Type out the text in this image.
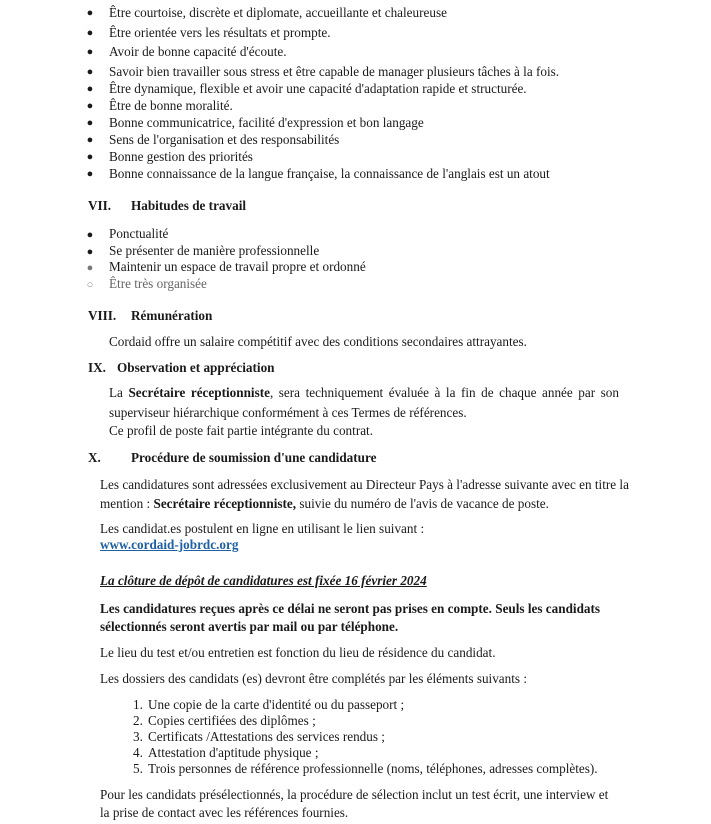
● Être courtoise, discrète et diplomate, accueillante et chaleureuse
● Être orientée vers les résultats et prompte.
● Avoir de bonne capacité d'écoute.
● Savoir bien travailler sous stress et être capable de manager plusieurs tâches à la fois.
● Être dynamique, flexible et avoir une capacité d'adaptation rapide et structurée.
● Être de bonne moralité.
● Bonne communicatrice, facilité d'expression et bon langage
● Sens de l'organisation et des responsabilités
● Bonne gestion des priorités
● Bonne connaissance de la langue française, la connaissance de l'anglais est un atout
VII. Habitudes de travail
● Ponctualité
● Se présenter de manière professionnelle
● Maintenir un espace de travail propre et ordonné
○ Être très organisée
VIII. Rémunération
Cordaid offre un salaire compétitif avec des conditions secondaires attrayantes.
IX. Observation et appréciation
La Secrétaire réceptionniste, sera techniquement évaluée à la fin de chaque année par son superviseur hiérarchique conformément à ces Termes de références.
Ce profil de poste fait partie intégrante du contrat.
X. Procédure de soumission d'une candidature
Les candidatures sont adressées exclusivement au Directeur Pays à l'adresse suivante avec en titre la
mention : Secrétaire réceptionniste, suivie du numéro de l'avis de vacance de poste.
Les candidat.es postulent en ligne en utilisant le lien suivant :
www.cordaid-jobrdc.org
La clôture de dépôt de candidatures est fixée 16 février 2024
Les candidatures reçues après ce délai ne seront pas prises en compte. Seuls les candidats
sélectionnés seront avertis par mail ou par téléphone.
Le lieu du test et/ou entretien est fonction du lieu de résidence du candidat.
Les dossiers des candidats (es) devront être complétés par les éléments suivants :
1. Une copie de la carte d'identité ou du passeport ;
2. Copies certifiées des diplômes ;
3. Certificats /Attestations des services rendus ;
4. Attestation d'aptitude physique ;
5. Trois personnes de référence professionnelle (noms, téléphones, adresses complètes).
Pour les candidats présélectionnés, la procédure de sélection inclut un test écrit, une interview et
la prise de contact avec les références fournies.
